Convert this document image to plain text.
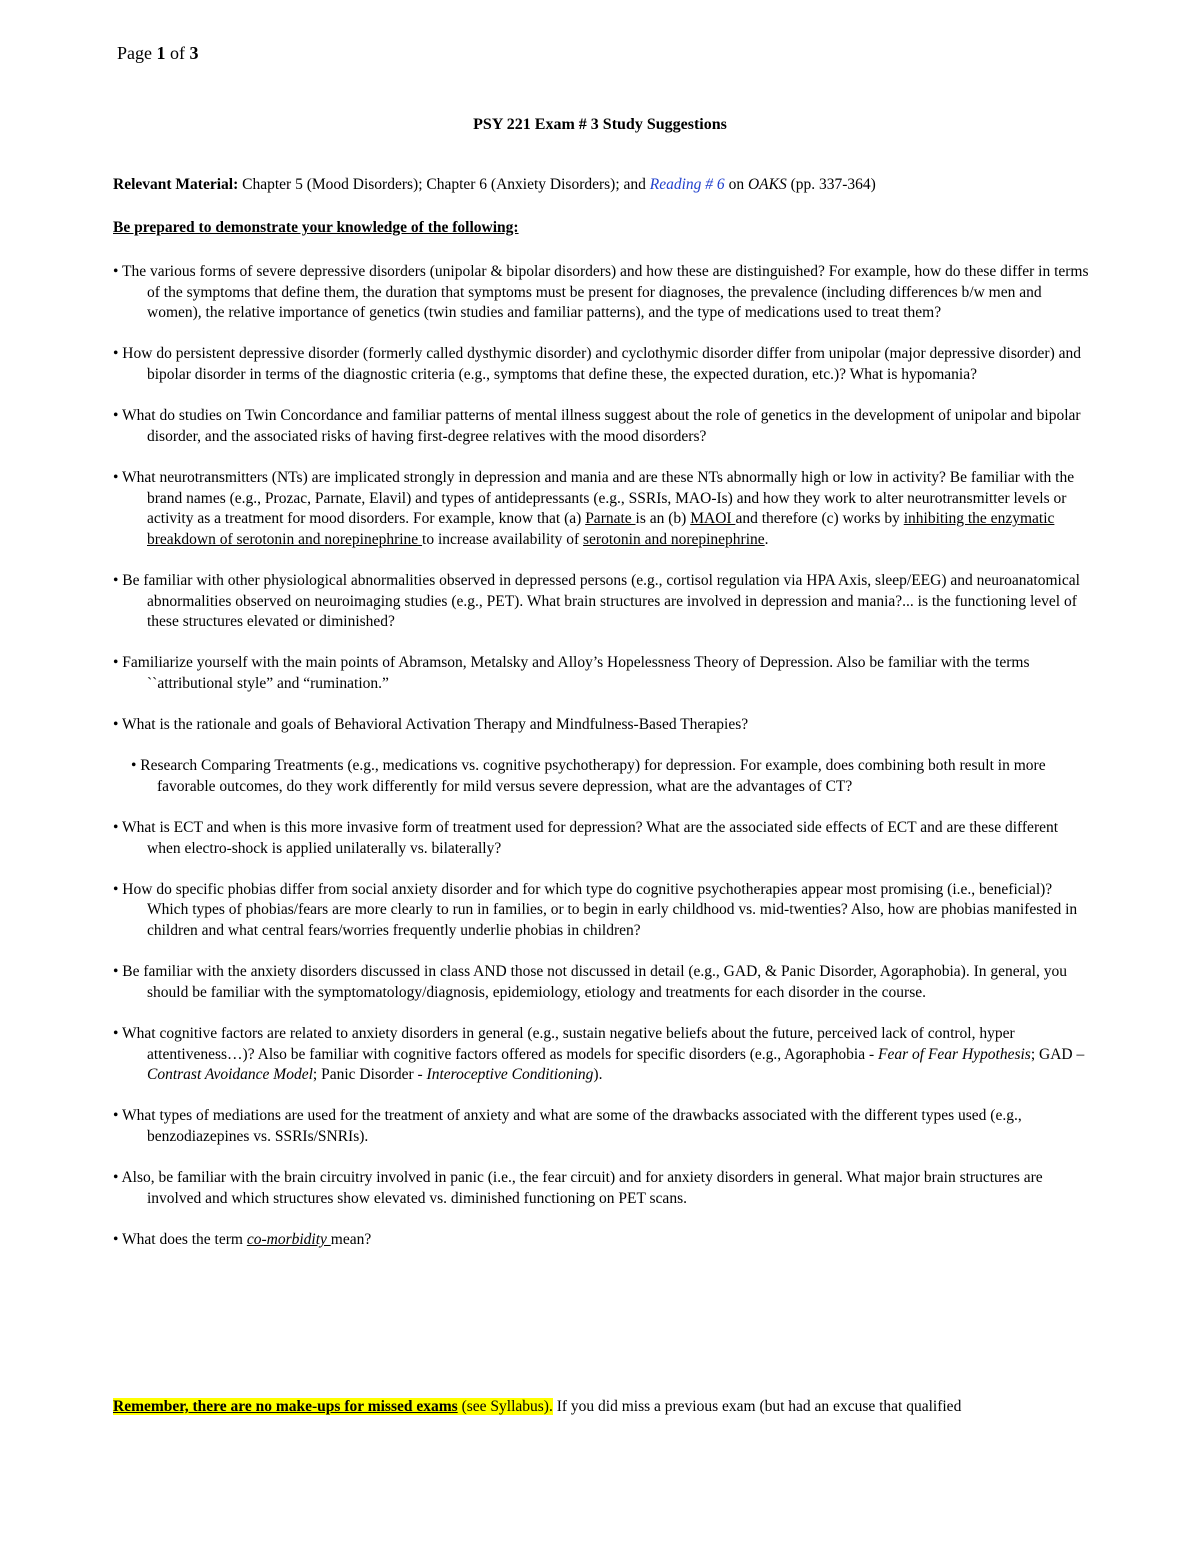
Page 1 of 3
PSY 221 Exam # 3 Study Suggestions
Relevant Material: Chapter 5 (Mood Disorders); Chapter 6 (Anxiety Disorders); and Reading # 6 on OAKS (pp. 337-364)
Be prepared to demonstrate your knowledge of the following:
• The various forms of severe depressive disorders (unipolar & bipolar disorders) and how these are distinguished? For example, how do these differ in terms of the symptoms that define them, the duration that symptoms must be present for diagnoses, the prevalence (including differences b/w men and women), the relative importance of genetics (twin studies and familiar patterns), and the type of medications used to treat them?
• How do persistent depressive disorder (formerly called dysthymic disorder) and cyclothymic disorder differ from unipolar (major depressive disorder) and bipolar disorder in terms of the diagnostic criteria (e.g., symptoms that define these, the expected duration, etc.)? What is hypomania?
• What do studies on Twin Concordance and familiar patterns of mental illness suggest about the role of genetics in the development of unipolar and bipolar disorder, and the associated risks of having first-degree relatives with the mood disorders?
• What neurotransmitters (NTs) are implicated strongly in depression and mania and are these NTs abnormally high or low in activity? Be familiar with the brand names (e.g., Prozac, Parnate, Elavil) and types of antidepressants (e.g., SSRIs, MAO-Is) and how they work to alter neurotransmitter levels or activity as a treatment for mood disorders. For example, know that (a) Parnate is an (b) MAOI and therefore (c) works by inhibiting the enzymatic breakdown of serotonin and norepinephrine to increase availability of serotonin and norepinephrine.
• Be familiar with other physiological abnormalities observed in depressed persons (e.g., cortisol regulation via HPA Axis, sleep/EEG) and neuroanatomical abnormalities observed on neuroimaging studies (e.g., PET). What brain structures are involved in depression and mania?... is the functioning level of these structures elevated or diminished?
• Familiarize yourself with the main points of Abramson, Metalsky and Alloy’s Hopelessness Theory of Depression. Also be familiar with the terms ``attributional style” and “rumination.”
• What is the rationale and goals of Behavioral Activation Therapy and Mindfulness-Based Therapies?
• Research Comparing Treatments (e.g., medications vs. cognitive psychotherapy) for depression. For example, does combining both result in more favorable outcomes, do they work differently for mild versus severe depression, what are the advantages of CT?
• What is ECT and when is this more invasive form of treatment used for depression? What are the associated side effects of ECT and are these different when electro-shock is applied unilaterally vs. bilaterally?
• How do specific phobias differ from social anxiety disorder and for which type do cognitive psychotherapies appear most promising (i.e., beneficial)? Which types of phobias/fears are more clearly to run in families, or to begin in early childhood vs. mid-twenties? Also, how are phobias manifested in children and what central fears/worries frequently underlie phobias in children?
• Be familiar with the anxiety disorders discussed in class AND those not discussed in detail (e.g., GAD, & Panic Disorder, Agoraphobia). In general, you should be familiar with the symptomatology/diagnosis, epidemiology, etiology and treatments for each disorder in the course.
• What cognitive factors are related to anxiety disorders in general (e.g., sustain negative beliefs about the future, perceived lack of control, hyper attentiveness…)? Also be familiar with cognitive factors offered as models for specific disorders (e.g., Agoraphobia - Fear of Fear Hypothesis; GAD – Contrast Avoidance Model; Panic Disorder - Interoceptive Conditioning).
• What types of mediations are used for the treatment of anxiety and what are some of the drawbacks associated with the different types used (e.g., benzodiazepines vs. SSRIs/SNRIs).
• Also, be familiar with the brain circuitry involved in panic (i.e., the fear circuit) and for anxiety disorders in general. What major brain structures are involved and which structures show elevated vs. diminished functioning on PET scans.
• What does the term co-morbidity mean?
Remember, there are no make-ups for missed exams (see Syllabus). If you did miss a previous exam (but had an excuse that qualified
